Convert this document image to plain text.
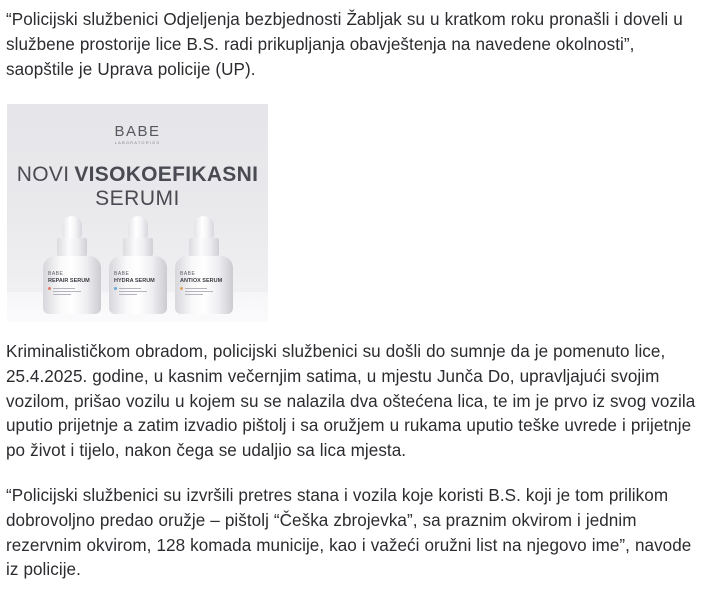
“Policijski službenici Odjeljenja bezbjednosti Žabljak su u kratkom roku pronašli i doveli u službene prostorije lice B.S. radi prikupljanja obavještenja na navedene okolnosti”, saopštile je Uprava policije (UP).

Kriminalističkom obradom, policijski službenici su došli do sumnje da je pomenuto lice, 25.4.2025. godine, u kasnim večernjim satima, u mjestu Junča Do, upravljajući svojim vozilom, prišao vozilu u kojem su se nalazila dva oštećena lica, te im je prvo iz svog vozila uputio prijetnje a zatim izvadio pištolj i sa oružjem u rukama uputio teške uvrede i prijetnje po život i tijelo, nakon čega se udaljio sa lica mjesta.

“Policijski službenici su izvršili pretres stana i vozila koje koristi B.S. koji je tom prilikom dobrovoljno predao oružje – pištolj “Češka zbrojevka”, sa praznim okvirom i jednim rezervnim okvirom, 128 komada municije, kao i važeći oružni list na njegovo ime”, navode iz policije.

BABE
LABORATORIOS
NOVI VISOKOEFIKASNI
SERUMI
BABE
REPAIR SERUM
BABE
HYDRA SERUM
BABE
ANTIOX SERUM
